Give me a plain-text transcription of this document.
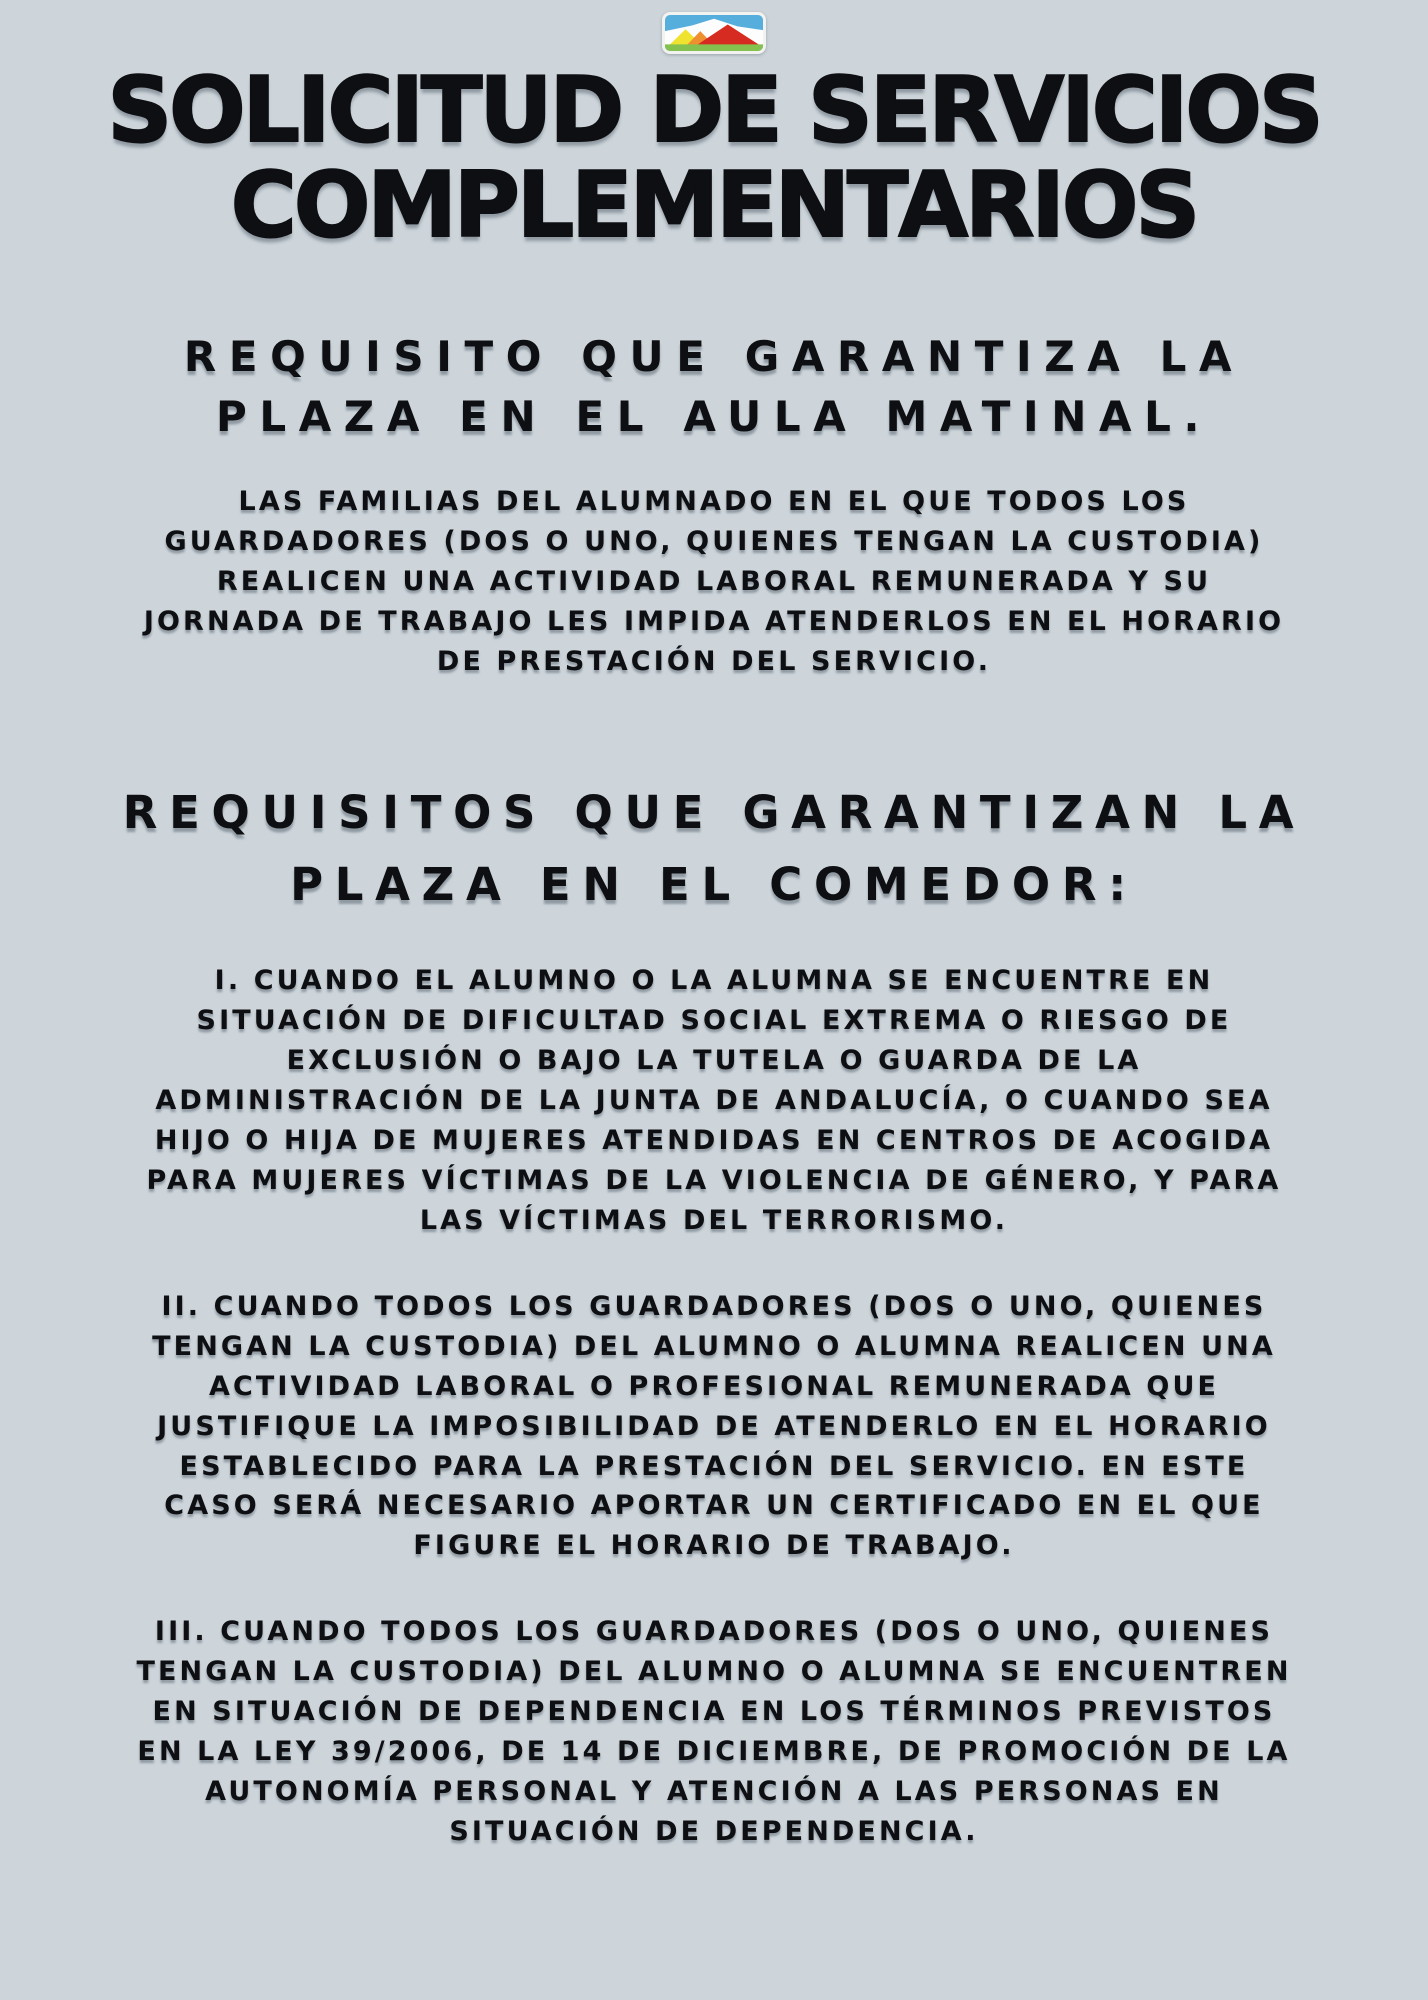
SOLICITUD DE SERVICIOS
COMPLEMENTARIOS
REQUISITO QUE GARANTIZA LA
PLAZA EN EL AULA MATINAL.
LAS FAMILIAS DEL ALUMNADO EN EL QUE TODOS LOS
GUARDADORES (DOS O UNO, QUIENES TENGAN LA CUSTODIA)
REALICEN UNA ACTIVIDAD LABORAL REMUNERADA Y SU
JORNADA DE TRABAJO LES IMPIDA ATENDERLOS EN EL HORARIO
DE PRESTACIÓN DEL SERVICIO.
REQUISITOS QUE GARANTIZAN LA
PLAZA EN EL COMEDOR:
I. CUANDO EL ALUMNO O LA ALUMNA SE ENCUENTRE EN
SITUACIÓN DE DIFICULTAD SOCIAL EXTREMA O RIESGO DE
EXCLUSIÓN O BAJO LA TUTELA O GUARDA DE LA
ADMINISTRACIÓN DE LA JUNTA DE ANDALUCÍA, O CUANDO SEA
HIJO O HIJA DE MUJERES ATENDIDAS EN CENTROS DE ACOGIDA
PARA MUJERES VÍCTIMAS DE LA VIOLENCIA DE GÉNERO, Y PARA
LAS VÍCTIMAS DEL TERRORISMO.
II. CUANDO TODOS LOS GUARDADORES (DOS O UNO, QUIENES
TENGAN LA CUSTODIA) DEL ALUMNO O ALUMNA REALICEN UNA
ACTIVIDAD LABORAL O PROFESIONAL REMUNERADA QUE
JUSTIFIQUE LA IMPOSIBILIDAD DE ATENDERLO EN EL HORARIO
ESTABLECIDO PARA LA PRESTACIÓN DEL SERVICIO. EN ESTE
CASO SERÁ NECESARIO APORTAR UN CERTIFICADO EN EL QUE
FIGURE EL HORARIO DE TRABAJO.
III. CUANDO TODOS LOS GUARDADORES (DOS O UNO, QUIENES
TENGAN LA CUSTODIA) DEL ALUMNO O ALUMNA SE ENCUENTREN
EN SITUACIÓN DE DEPENDENCIA EN LOS TÉRMINOS PREVISTOS
EN LA LEY 39/2006, DE 14 DE DICIEMBRE, DE PROMOCIÓN DE LA
AUTONOMÍA PERSONAL Y ATENCIÓN A LAS PERSONAS EN
SITUACIÓN DE DEPENDENCIA.
